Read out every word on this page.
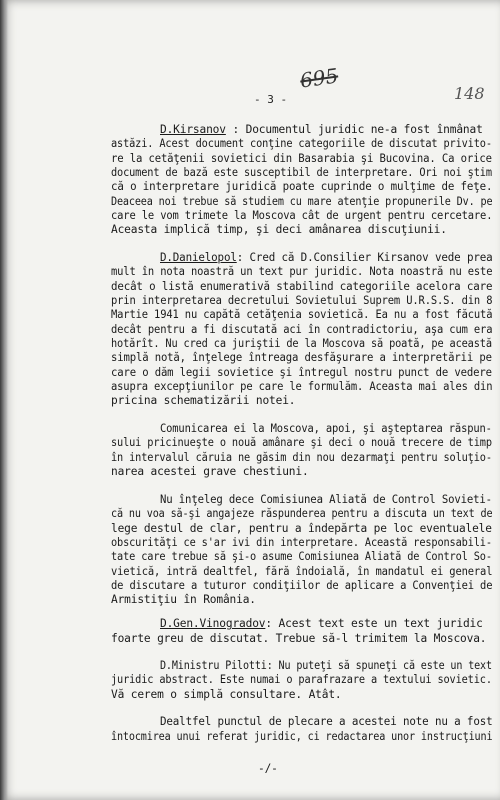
695
148
- 3 -
D.Kirsanov : Documentul juridic ne-a fost înmânat
astăzi. Acest document conţine categoriile de discutat privito-
re la cetăţenii sovietici din Basarabia şi Bucovina. Ca orice
document de bază este susceptibil de interpretare. Ori noi ştim
că o interpretare juridică poate cuprinde o mulţime de feţe.
Deaceea noi trebue să studiem cu mare atenţie propunerile Dv. pe
care le vom trimete la Moscova cât de urgent pentru cercetare.
Aceasta implică timp, şi deci amânarea discuţiunii.
D.Danielopol: Cred că D.Consilier Kirsanov vede prea
mult în nota noastră un text pur juridic. Nota noastră nu este
decât o listă enumerativă stabilind categoriile acelora care
prin interpretarea decretului Sovietului Suprem U.R.S.S. din 8
Martie 1941 nu capătă cetăţenia sovietică. Ea nu a fost făcută
decât pentru a fi discutată aci în contradictoriu, aşa cum era
hotărît. Nu cred ca juriştii de la Moscova să poată, pe această
simplă notă, înţelege întreaga desfăşurare a interpretării pe
care o dăm legii sovietice şi întregul nostru punct de vedere
asupra excepţiunilor pe care le formulăm. Aceasta mai ales din
pricina schematizării notei.
Comunicarea ei la Moscova, apoi, şi aşteptarea răspun-
sului pricinueşte o nouă amânare şi deci o nouă trecere de timp
în intervalul căruia ne găsim din nou dezarmaţi pentru soluţio-
narea acestei grave chestiuni.
Nu înţeleg dece Comisiunea Aliată de Control Sovieti-
că nu voa să-şi angajeze răspunderea pentru a discuta un text de
lege destul de clar, pentru a îndepărta pe loc eventualele
obscurităţi ce s'ar ivi din interpretare. Această responsabili-
tate care trebue să şi-o asume Comisiunea Aliată de Control So-
vietică, intră dealtfel, fără îndoială, în mandatul ei general
de discutare a tuturor condiţiilor de aplicare a Convenţiei de
Armistiţiu în România.
D.Gen.Vinogradov: Acest text este un text juridic
foarte greu de discutat. Trebue să-l trimitem la Moscova.
D.Ministru Pilotti: Nu puteţi să spuneţi că este un text
juridic abstract. Este numai o parafrazare a textului sovietic.
Vă cerem o simplă consultare. Atât.
Dealtfel punctul de plecare a acestei note nu a fost
întocmirea unui referat juridic, ci redactarea unor instrucţiuni
-/-
